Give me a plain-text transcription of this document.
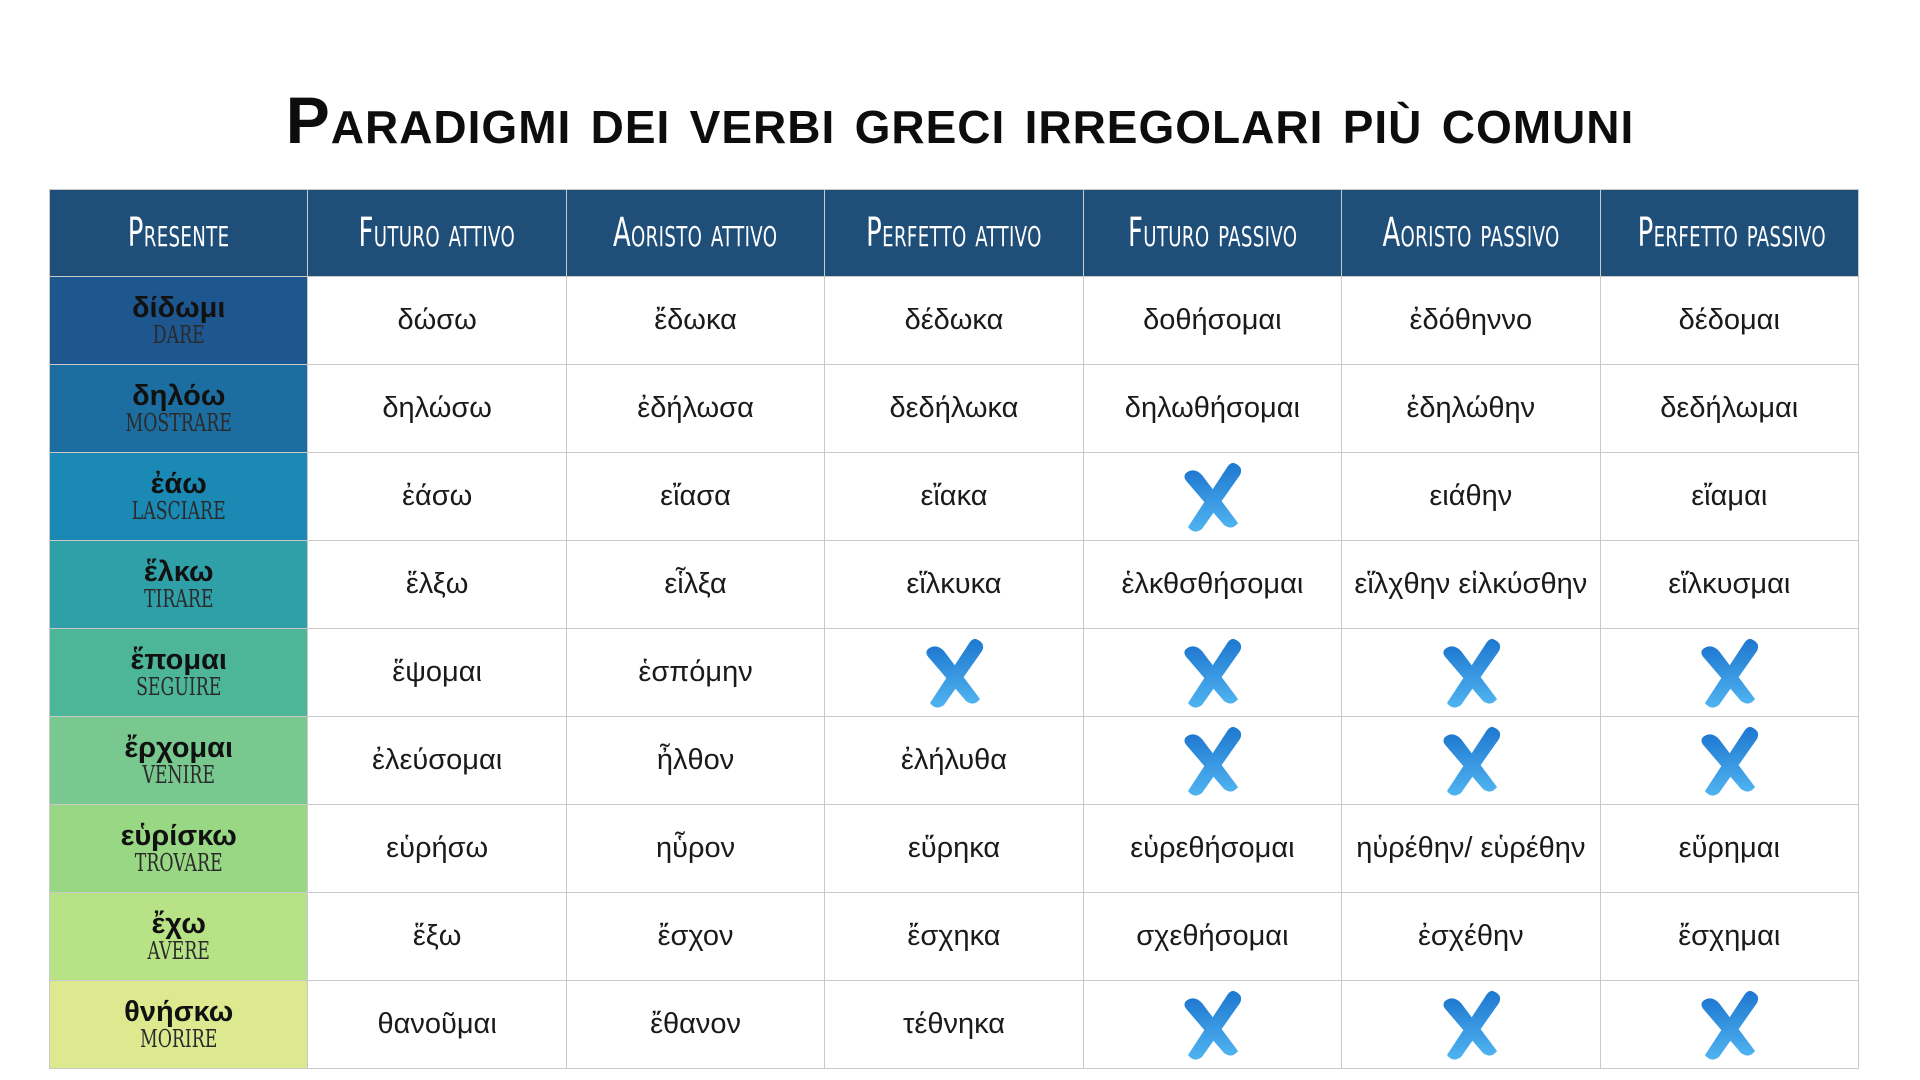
Paradigmi dei verbi greci irregolari più comuni
Presente	Futuro attivo	Aoristo attivo	Perfetto attivo	Futuro passivo	Aoristo passivo	Perfetto passivo

δίδωμι
DARE	δώσω	ἔδωκα	δέδωκα	δοθήσομαι	ἐδόθηννο	δέδομαι

δηλόω
MOSTRARE	δηλώσω	ἐδήλωσα	δεδήλωκα	δηλωθήσομαι	ἐδηλώθην	δεδήλωμαι

ἐάω
LASCIARE	ἐάσω	εἴασα	εἴακα		ειάθην	εἴαμαι

ἕλκω
TIRARE	ἕλξω	εἷλξα	εἵλκυκα	ἑλκθσθήσομαι	εἵλχθην εἱλκύσθην	εἵλκυσμαι

ἕπομαι
SEGUIRE	ἕψομαι	ἑσπόμην				

ἔρχομαι
VENIRE	ἐλεύσομαι	ἦλθον	ἐλήλυθα			

εὑρίσκω
TROVARE	εὑρήσω	ηὗρον	εὕρηκα	εὑρεθήσομαι	ηὑρέθην/ εὑρέθην	εὕρημαι

ἔχω
AVERE	ἕξω	ἔσχον	ἔσχηκα	σχεθήσομαι	ἐσχέθην	ἔσχημαι

θνήσκω
MORIRE	θανοῦμαι	ἔθανον	τέθνηκα			
